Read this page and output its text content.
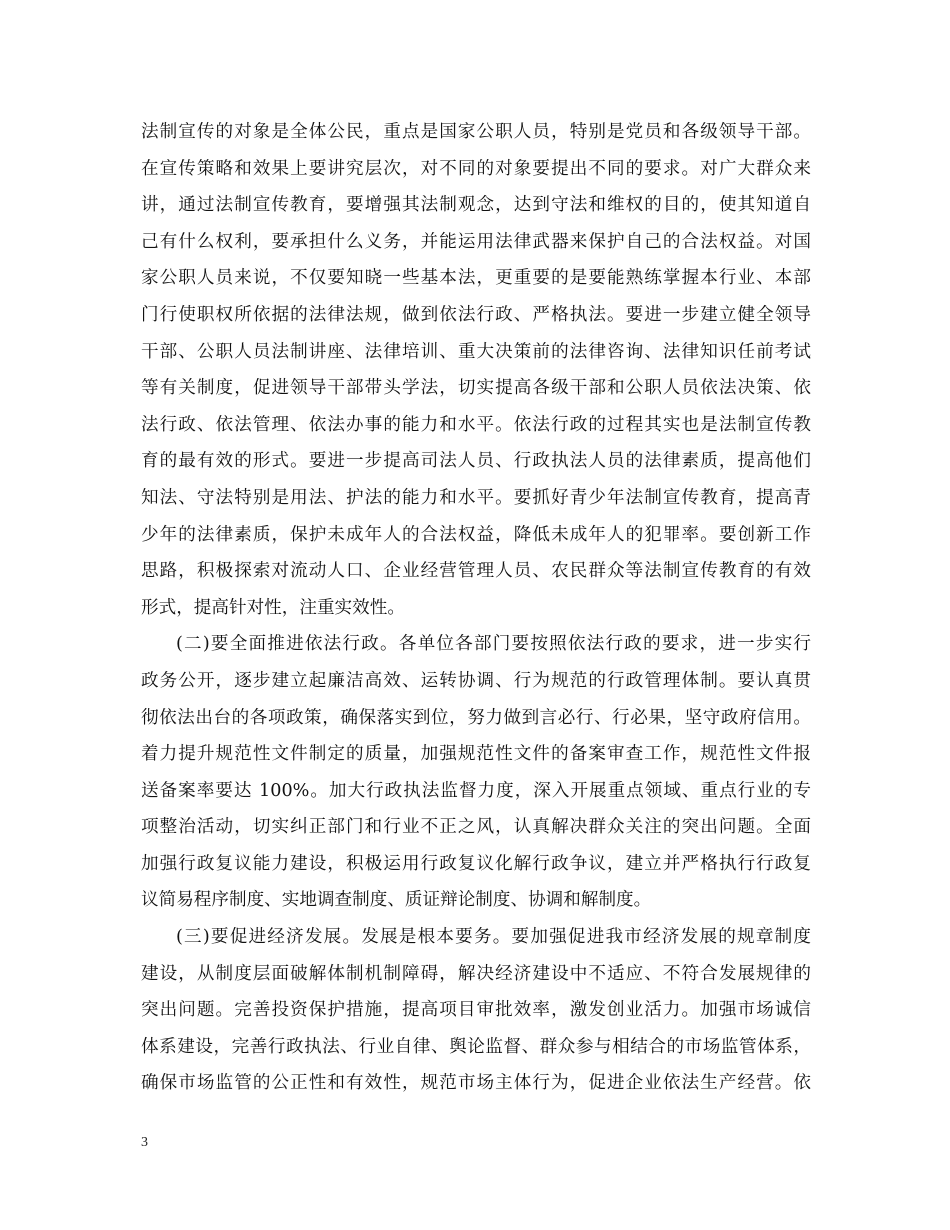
法制宣传的对象是全体公民，重点是国家公职人员，特别是党员和各级领导干部。
在宣传策略和效果上要讲究层次，对不同的对象要提出不同的要求。对广大群众来
讲，通过法制宣传教育，要增强其法制观念，达到守法和维权的目的，使其知道自
己有什么权利，要承担什么义务，并能运用法律武器来保护自己的合法权益。对国
家公职人员来说，不仅要知晓一些基本法，更重要的是要能熟练掌握本行业、本部
门行使职权所依据的法律法规，做到依法行政、严格执法。要进一步建立健全领导
干部、公职人员法制讲座、法律培训、重大决策前的法律咨询、法律知识任前考试
等有关制度，促进领导干部带头学法，切实提高各级干部和公职人员依法决策、依
法行政、依法管理、依法办事的能力和水平。依法行政的过程其实也是法制宣传教
育的最有效的形式。要进一步提高司法人员、行政执法人员的法律素质，提高他们
知法、守法特别是用法、护法的能力和水平。要抓好青少年法制宣传教育，提高青
少年的法律素质，保护未成年人的合法权益，降低未成年人的犯罪率。要创新工作
思路，积极探索对流动人口、企业经营管理人员、农民群众等法制宣传教育的有效
形式，提高针对性，注重实效性。
(二)要全面推进依法行政。各单位各部门要按照依法行政的要求，进一步实行
政务公开，逐步建立起廉洁高效、运转协调、行为规范的行政管理体制。要认真贯
彻依法出台的各项政策，确保落实到位，努力做到言必行、行必果，坚守政府信用。
着力提升规范性文件制定的质量，加强规范性文件的备案审查工作，规范性文件报
送备案率要达 100%。加大行政执法监督力度，深入开展重点领域、重点行业的专
项整治活动，切实纠正部门和行业不正之风，认真解决群众关注的突出问题。全面
加强行政复议能力建设，积极运用行政复议化解行政争议，建立并严格执行行政复
议简易程序制度、实地调查制度、质证辩论制度、协调和解制度。
(三)要促进经济发展。发展是根本要务。要加强促进我市经济发展的规章制度
建设，从制度层面破解体制机制障碍，解决经济建设中不适应、不符合发展规律的
突出问题。完善投资保护措施，提高项目审批效率，激发创业活力。加强市场诚信
体系建设，完善行政执法、行业自律、舆论监督、群众参与相结合的市场监管体系，
确保市场监管的公正性和有效性，规范市场主体行为，促进企业依法生产经营。依
3
